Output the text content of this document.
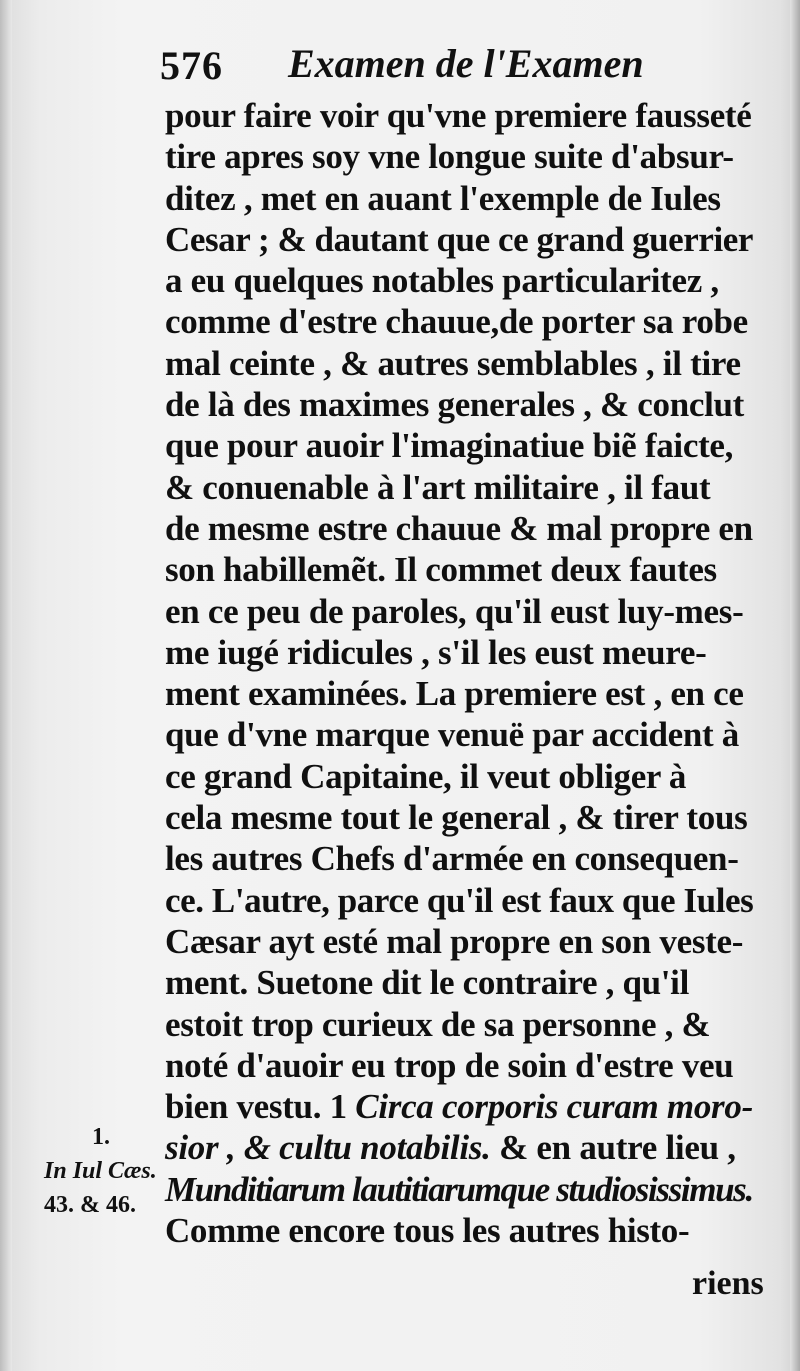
576 Examen de l'Examen
pour faire voir qu'vne premiere fausseté
tire apres soy vne longue suite d'absur-
ditez , met en auant l'exemple de Iules
Cesar ; & dautant que ce grand guerrier
a eu quelques notables particularitez ,
comme d'estre chauue,de porter sa robe
mal ceinte , & autres semblables , il tire
de là des maximes generales , & conclut
que pour auoir l'imaginatiue biẽ faicte,
& conuenable à l'art militaire , il faut
de mesme estre chauue & mal propre en
son habillemẽt. Il commet deux fautes
en ce peu de paroles, qu'il eust luy-mes-
me iugé ridicules , s'il les eust meure-
ment examinées. La premiere est , en ce
que d'vne marque venuë par accident à
ce grand Capitaine, il veut obliger à
cela mesme tout le general , & tirer tous
les autres Chefs d'armée en consequen-
ce. L'autre, parce qu'il est faux que Iules
Cæsar ayt esté mal propre en son veste-
ment. Suetone dit le contraire , qu'il
estoit trop curieux de sa personne , &
noté d'auoir eu trop de soin d'estre veu
bien vestu. 1 Circa corporis curam moro-
sior , & cultu notabilis. & en autre lieu ,
Munditiarum lautitiarumque studiosissimus.
Comme encore tous les autres histo-
1.
In Iul Cæs.
43. & 46.
riens
